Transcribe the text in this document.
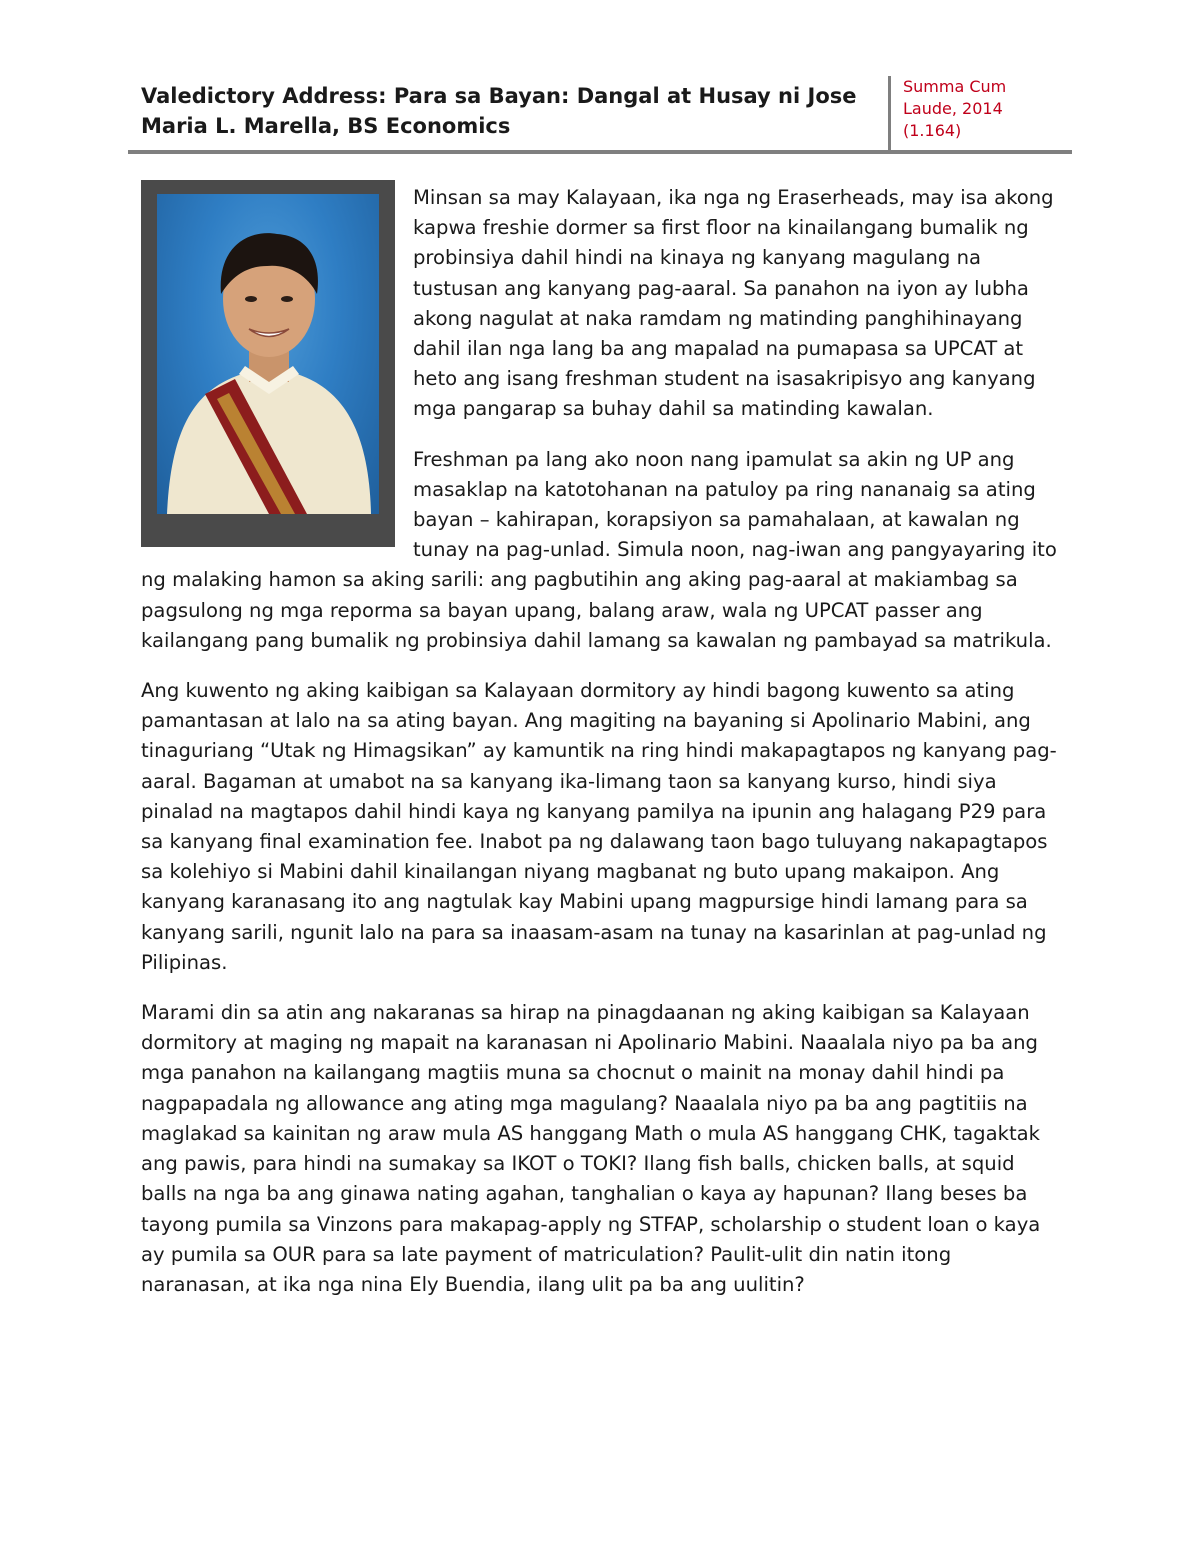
Valedictory Address: Para sa Bayan: Dangal at Husay ni Jose Maria L. Marella, BS Economics
Summa Cum
Laude, 2014
(1.164)

Minsan sa may Kalayaan, ika nga ng Eraserheads, may isa akong kapwa freshie dormer sa first floor na kinailangang bumalik ng probinsiya dahil hindi na kinaya ng kanyang magulang na tustusan ang kanyang pag-aaral. Sa panahon na iyon ay lubha akong nagulat at naka ramdam ng matinding panghihinayang dahil ilan nga lang ba ang mapalad na pumapasa sa UPCAT at heto ang isang freshman student na isasakripisyo ang kanyang mga pangarap sa buhay dahil sa matinding kawalan.

Freshman pa lang ako noon nang ipamulat sa akin ng UP ang masaklap na katotohanan na patuloy pa ring nananaig sa ating bayan – kahirapan, korapsiyon sa pamahalaan, at kawalan ng tunay na pag-unlad. Simula noon, nag-iwan ang pangyayaring ito ng malaking hamon sa aking sarili: ang pagbutihin ang aking pag-aaral at makiambag sa pagsulong ng mga reporma sa bayan upang, balang araw, wala ng UPCAT passer ang kailangang pang bumalik ng probinsiya dahil lamang sa kawalan ng pambayad sa matrikula.

Ang kuwento ng aking kaibigan sa Kalayaan dormitory ay hindi bagong kuwento sa ating pamantasan at lalo na sa ating bayan. Ang magiting na bayaning si Apolinario Mabini, ang tinaguriang “Utak ng Himagsikan” ay kamuntik na ring hindi makapagtapos ng kanyang pag-aaral. Bagaman at umabot na sa kanyang ika-limang taon sa kanyang kurso, hindi siya pinalad na magtapos dahil hindi kaya ng kanyang pamilya na ipunin ang halagang P29 para sa kanyang final examination fee. Inabot pa ng dalawang taon bago tuluyang nakapagtapos sa kolehiyo si Mabini dahil kinailangan niyang magbanat ng buto upang makaipon. Ang kanyang karanasang ito ang nagtulak kay Mabini upang magpursige hindi lamang para sa kanyang sarili, ngunit lalo na para sa inaasam-asam na tunay na kasarinlan at pag-unlad ng Pilipinas.

Marami din sa atin ang nakaranas sa hirap na pinagdaanan ng aking kaibigan sa Kalayaan dormitory at maging ng mapait na karanasan ni Apolinario Mabini. Naaalala niyo pa ba ang mga panahon na kailangang magtiis muna sa chocnut o mainit na monay dahil hindi pa nagpapadala ng allowance ang ating mga magulang? Naaalala niyo pa ba ang pagtitiis na maglakad sa kainitan ng araw mula AS hanggang Math o mula AS hanggang CHK, tagaktak ang pawis, para hindi na sumakay sa IKOT o TOKI? Ilang fish balls, chicken balls, at squid balls na nga ba ang ginawa nating agahan, tanghalian o kaya ay hapunan? Ilang beses ba tayong pumila sa Vinzons para makapag-apply ng STFAP, scholarship o student loan o kaya ay pumila sa OUR para sa late payment of matriculation? Paulit-ulit din natin itong naranasan, at ika nga nina Ely Buendia, ilang ulit pa ba ang uulitin?
